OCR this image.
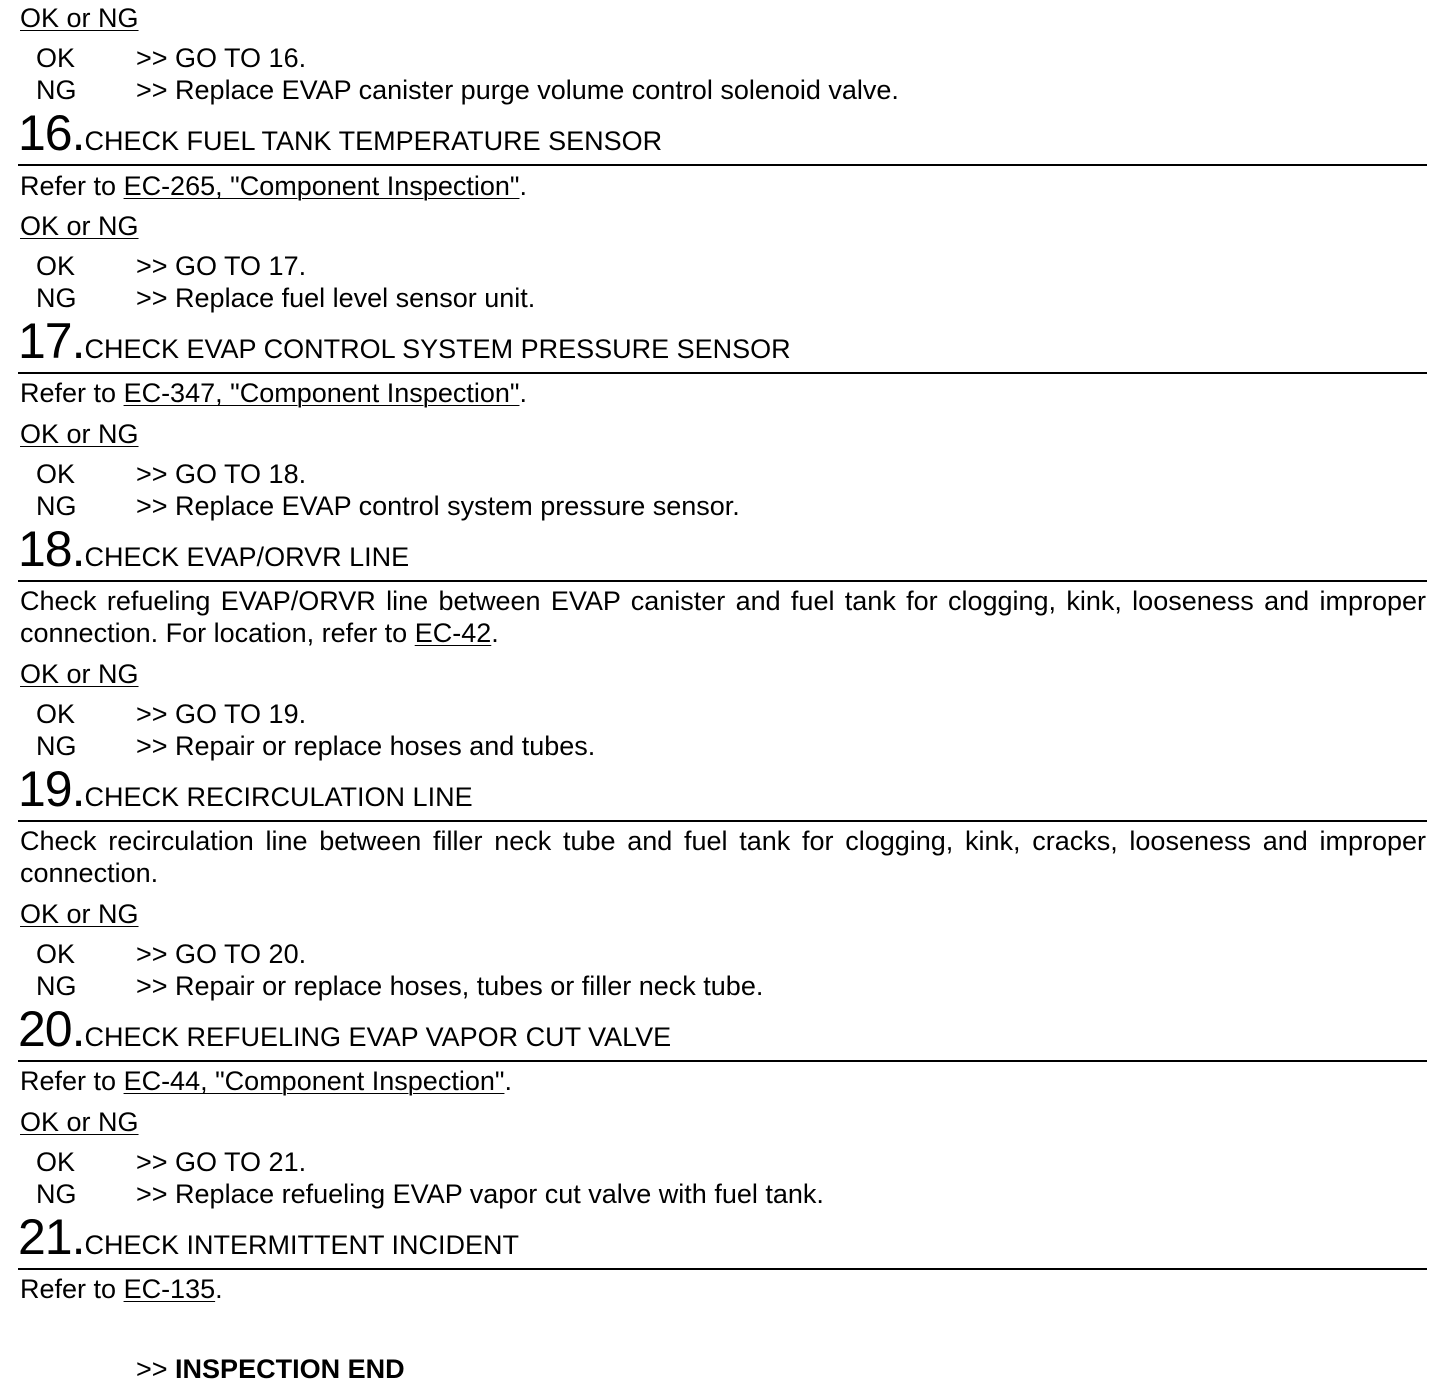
OK or NG
OK >> GO TO 16.
NG >> Replace EVAP canister purge volume control solenoid valve.
16.CHECK FUEL TANK TEMPERATURE SENSOR
Refer to EC-265, "Component Inspection".
OK or NG
OK >> GO TO 17.
NG >> Replace fuel level sensor unit.
17.CHECK EVAP CONTROL SYSTEM PRESSURE SENSOR
Refer to EC-347, "Component Inspection".
OK or NG
OK >> GO TO 18.
NG >> Replace EVAP control system pressure sensor.
18.CHECK EVAP/ORVR LINE
Check refueling EVAP/ORVR line between EVAP canister and fuel tank for clogging, kink, looseness and improper connection. For location, refer to EC-42.
OK or NG
OK >> GO TO 19.
NG >> Repair or replace hoses and tubes.
19.CHECK RECIRCULATION LINE
Check recirculation line between filler neck tube and fuel tank for clogging, kink, cracks, looseness and improper connection.
OK or NG
OK >> GO TO 20.
NG >> Repair or replace hoses, tubes or filler neck tube.
20.CHECK REFUELING EVAP VAPOR CUT VALVE
Refer to EC-44, "Component Inspection".
OK or NG
OK >> GO TO 21.
NG >> Replace refueling EVAP vapor cut valve with fuel tank.
21.CHECK INTERMITTENT INCIDENT
Refer to EC-135.
>> INSPECTION END
